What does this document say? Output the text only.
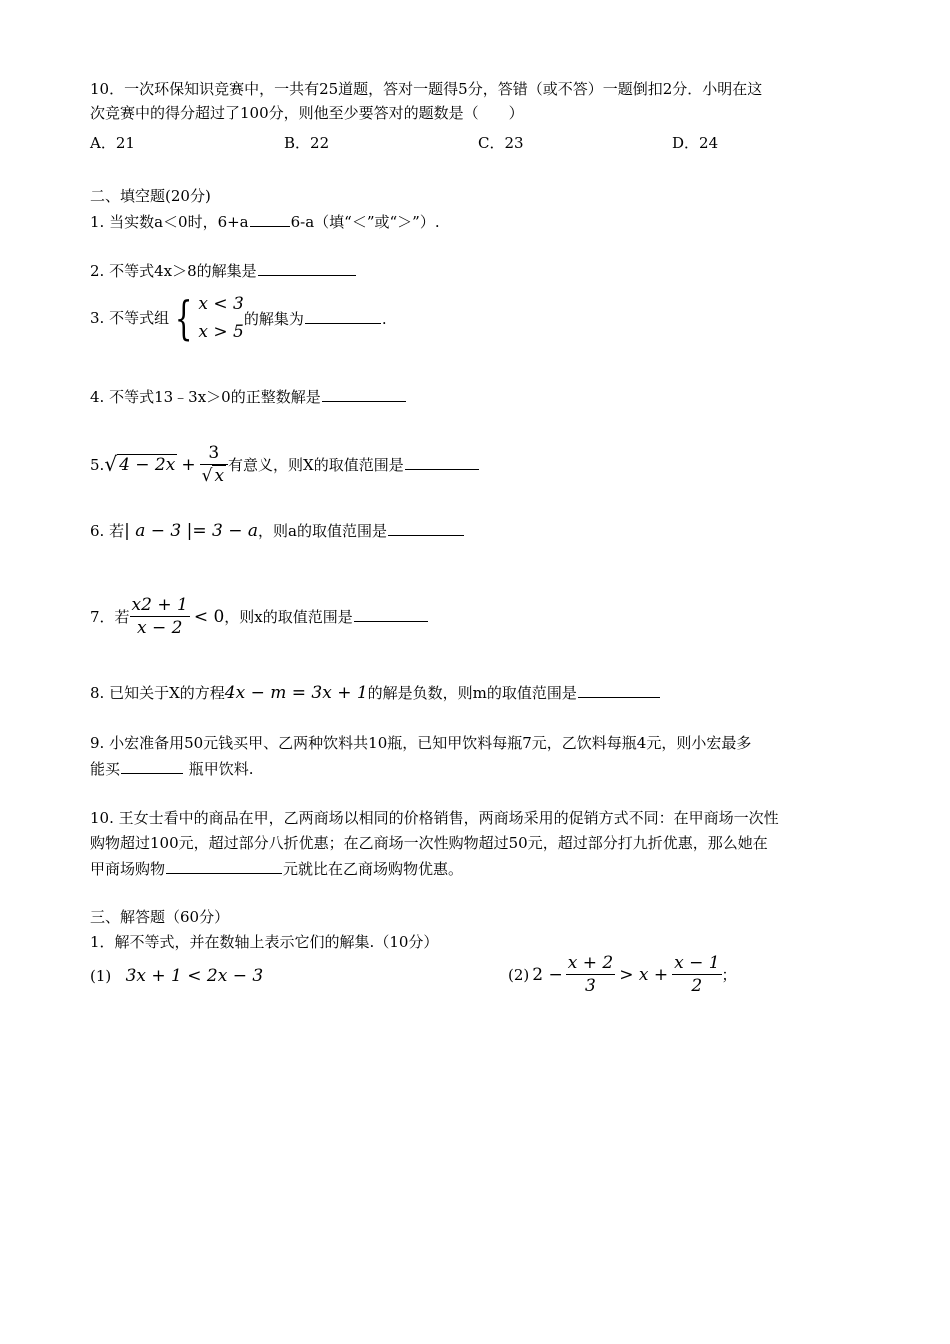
10．一次环保知识竞赛中，一共有25道题，答对一题得5分，答错（或不答）一题倒扣2分．小明在这
次竞赛中的得分超过了100分，则他至少要答对的题数是（　　）
A．21	B．22	C．23	D．24
二、填空题(20分)
1. 当实数a＜0时，6+a	6-a（填“＜”或“＞”）.
2. 不等式4x＞8的解集是
3. 不等式组 { x < 3
x > 5
的解集为	.
4. 不等式13﹣3x＞0的正整数解是
5.√ $4 - 2x + \frac{3}{√ x}$ 有意义，则X的取值范围是
6. 若| a − 3 |= 3 − a，则a的取值范围是
7．若 $\frac{x2 + 1}{x - 2} < 0$，则x的取值范围是
8. 已知关于X的方程4x − m = 3x + 1的解是负数，则m的取值范围是
9. 小宏准备用50元钱买甲、乙两种饮料共10瓶，已知甲饮料每瓶7元，乙饮料每瓶4元，则小宏最多
能买	瓶甲饮料.
10. 王女士看中的商品在甲，乙两商场以相同的价格销售，两商场采用的促销方式不同：在甲商场一次性
购物超过100元，超过部分八折优惠；在乙商场一次性购物超过50元，超过部分打九折优惠，那么她在
甲商场购物	元就比在乙商场购物优惠。
三、解答题（60分）
1．解不等式，并在数轴上表示它们的解集.（10分）
(1) 3x + 1 < 2x − 3	(2) $2 - \frac{x + 2}{3} > x + \frac{x - 1}{2}$ ；
